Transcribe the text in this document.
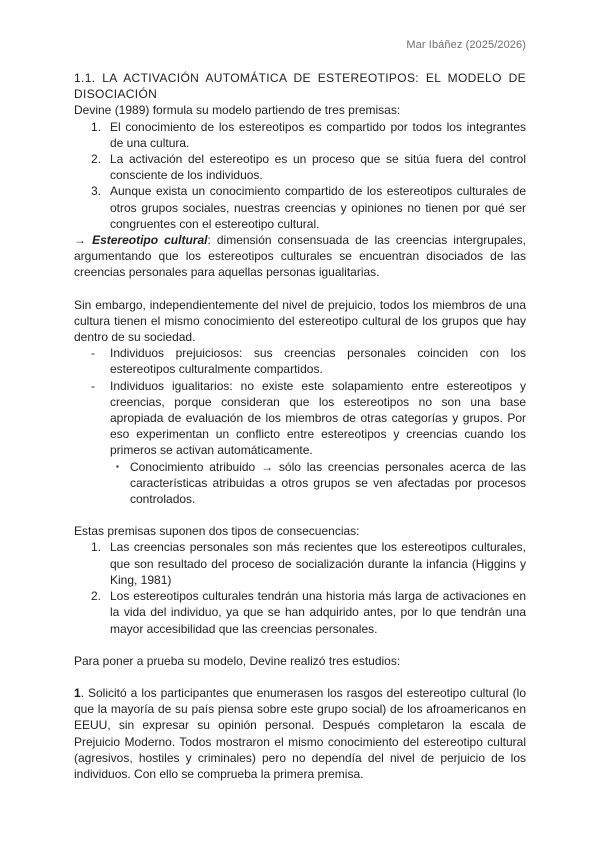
Mar Ibáñez (2025/2026)

1.1. LA ACTIVACIÓN AUTOMÁTICA DE ESTEREOTIPOS: EL MODELO DE DISOCIACIÓN

Devine (1989) formula su modelo partiendo de tres premisas:

1. El conocimiento de los estereotipos es compartido por todos los integrantes de una cultura.
2. La activación del estereotipo es un proceso que se sitúa fuera del control consciente de los individuos.
3. Aunque exista un conocimiento compartido de los estereotipos culturales de otros grupos sociales, nuestras creencias y opiniones no tienen por qué ser congruentes con el estereotipo cultural.

→ Estereotipo cultural: dimensión consensuada de las creencias intergrupales, argumentando que los estereotipos culturales se encuentran disociados de las creencias personales para aquellas personas igualitarias.

Sin embargo, independientemente del nivel de prejuicio, todos los miembros de una cultura tienen el mismo conocimiento del estereotipo cultural de los grupos que hay dentro de su sociedad.

- Individuos prejuiciosos: sus creencias personales coinciden con los estereotipos culturalmente compartidos.
- Individuos igualitarios: no existe este solapamiento entre estereotipos y creencias, porque consideran que los estereotipos no son una base apropiada de evaluación de los miembros de otras categorías y grupos. Por eso experimentan un conflicto entre estereotipos y creencias cuando los primeros se activan automáticamente.
▪ Conocimiento atribuido → sólo las creencias personales acerca de las características atribuidas a otros grupos se ven afectadas por procesos controlados.

Estas premisas suponen dos tipos de consecuencias:

1. Las creencias personales son más recientes que los estereotipos culturales, que son resultado del proceso de socialización durante la infancia (Higgins y King, 1981)
2. Los estereotipos culturales tendrán una historia más larga de activaciones en la vida del individuo, ya que se han adquirido antes, por lo que tendrán una mayor accesibilidad que las creencias personales.

Para poner a prueba su modelo, Devine realizó tres estudios:

1. Solicitó a los participantes que enumerasen los rasgos del estereotipo cultural (lo que la mayoría de su país piensa sobre este grupo social) de los afroamericanos en EEUU, sin expresar su opinión personal. Después completaron la escala de Prejuicio Moderno. Todos mostraron el mismo conocimiento del estereotipo cultural (agresivos, hostiles y criminales) pero no dependía del nivel de perjuicio de los individuos. Con ello se comprueba la primera premisa.
